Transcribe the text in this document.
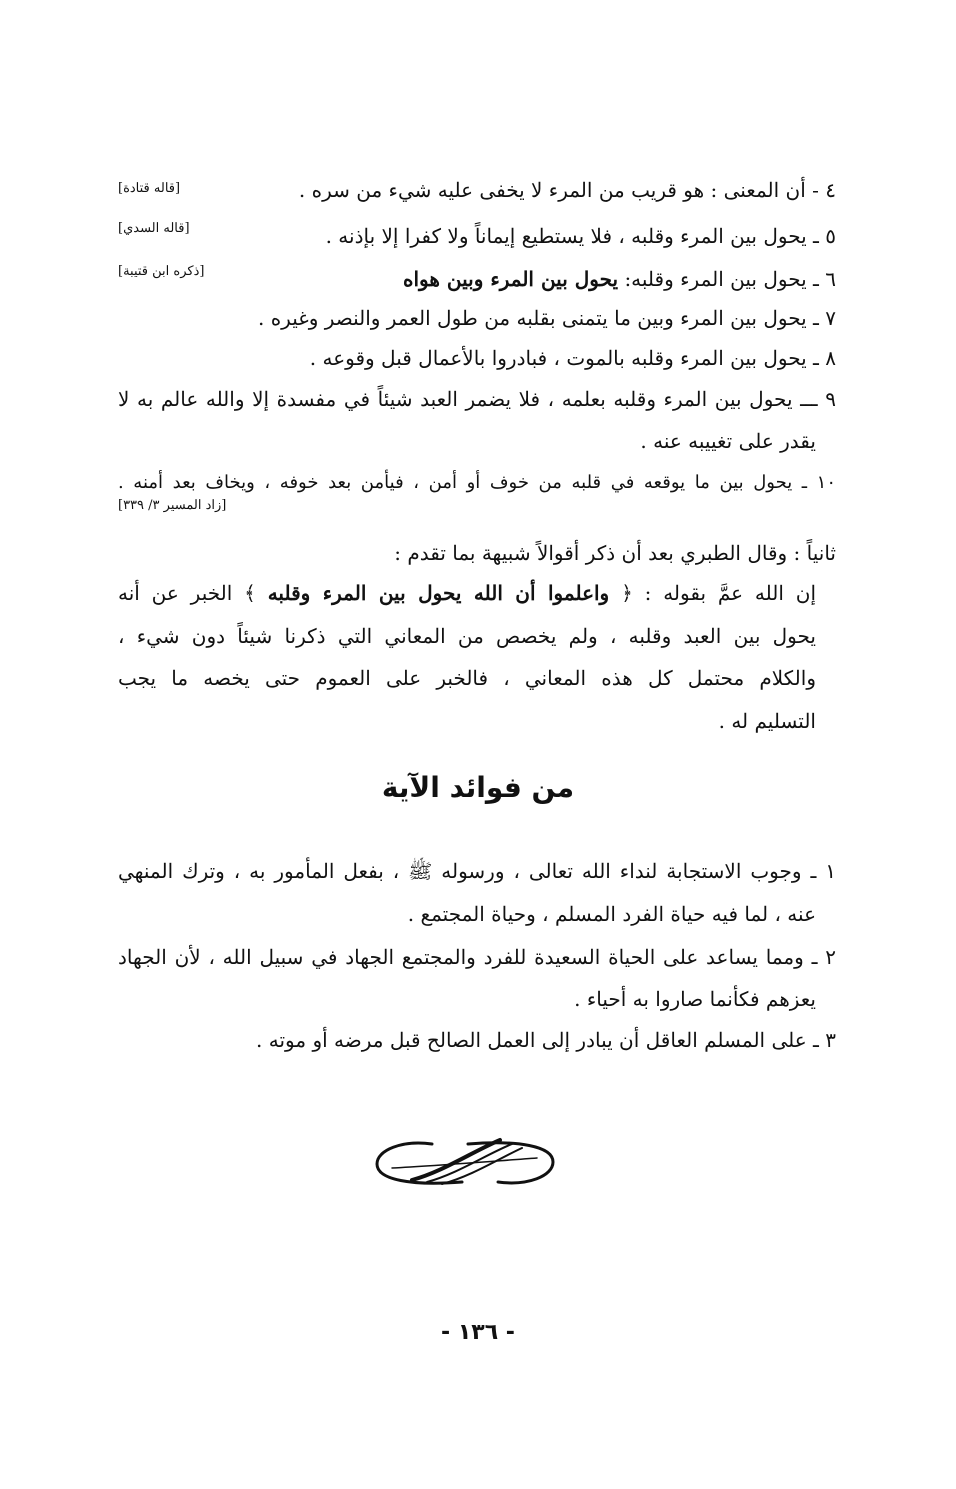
٤ - أن المعنى : هو قريب من المرء لا يخفى عليه شيء من سره .
[قاله قتادة]
٥ ـ يحول بين المرء وقلبه ، فلا يستطيع إيماناً ولا كفرا إلا بإذنه .
[قاله السدي]
٦ ـ يحول بين المرء وقلبه: يحول بين المرء وبين هواه
[ذكره ابن قتيبة]
٧ ـ يحول بين المرء وبين ما يتمنى بقلبه من طول العمر والنصر وغيره .
٨ ـ يحول بين المرء وقلبه بالموت ، فبادروا بالأعمال قبل وقوعه .
٩ ـــ يحول بين المرء وقلبه بعلمه ، فلا يضمر العبد شيئاً في مفسدة إلا والله عالم به لا
يقدر على تغييبه عنه .
١٠ ـ يحول بين ما يوقعه في قلبه من خوف أو أمن ، فيأمن بعد خوفه ، ويخاف بعد أمنه .
[زاد المسير ٣/ ٣٣٩]
ثانياً : وقال الطبري بعد أن ذكر أقوالاً شبيهة بما تقدم :
إن الله عمَّ بقوله : ﴿ واعلموا أن الله يحول بين المرء وقلبه ﴾ الخبر عن أنه
يحول بين العبد وقلبه ، ولم يخصص من المعاني التي ذكرنا شيئاً دون شيء ،
والكلام محتمل كل هذه المعاني ، فالخبر على العموم حتى يخصه ما يجب
التسليم له .
من فوائد الآية
١ ـ وجوب الاستجابة لنداء الله تعالى ، ورسوله ﷺ ، بفعل المأمور به ، وترك المنهي
عنه ، لما فيه حياة الفرد المسلم ، وحياة المجتمع .
٢ ـ ومما يساعد على الحياة السعيدة للفرد والمجتمع الجهاد في سبيل الله ، لأن الجهاد
يعزهم فكأنما صاروا به أحياء .
٣ ـ على المسلم العاقل أن يبادر إلى العمل الصالح قبل مرضه أو موته .
- ١٣٦ -
